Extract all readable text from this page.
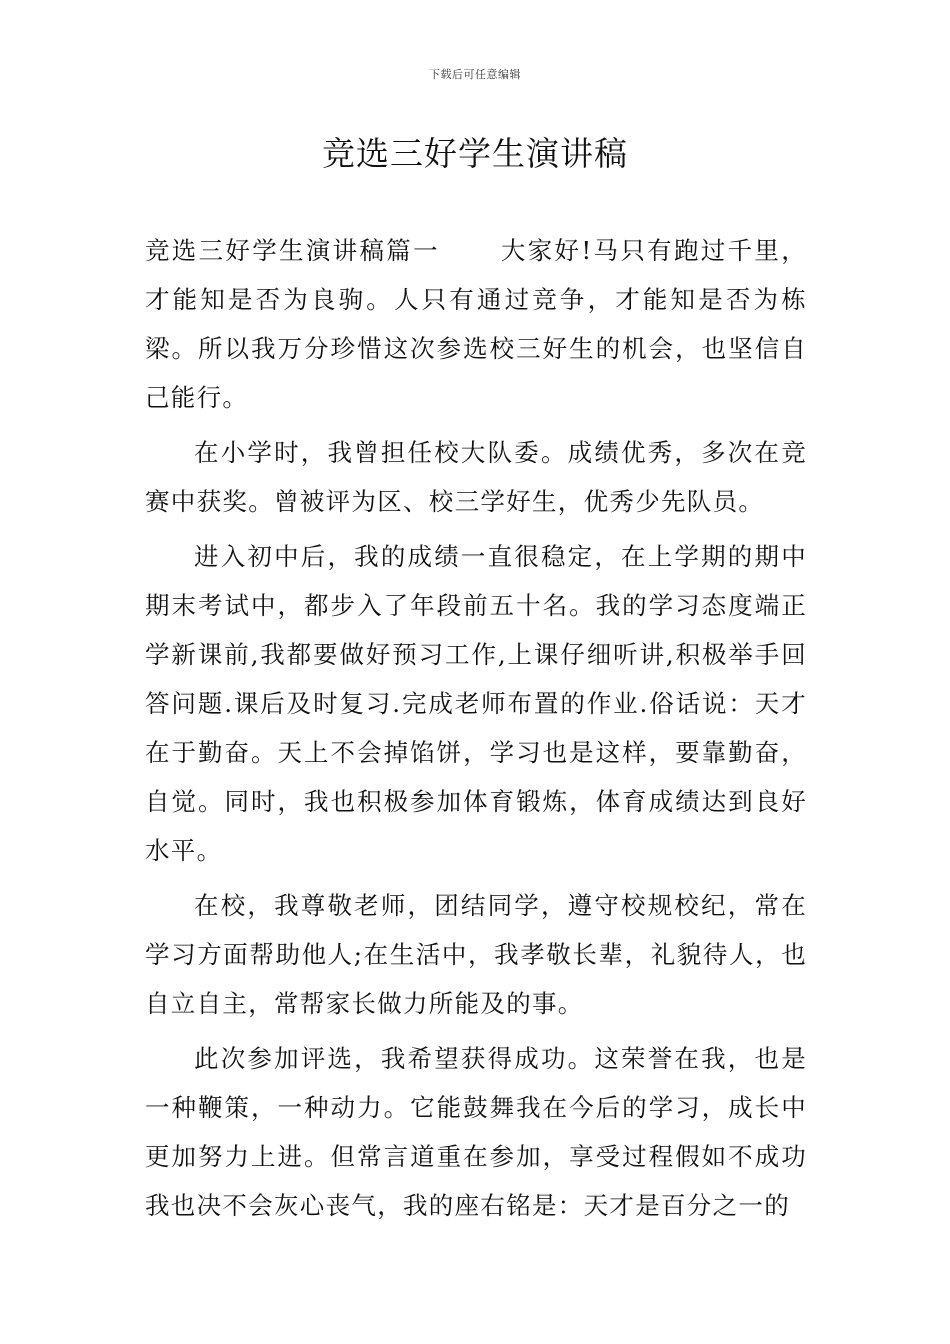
下载后可任意编辑
竞选三好学生演讲稿

竞选三好学生演讲稿篇一 大家好!马只有跑过千里，才能知是否为良驹。人只有通过竞争，才能知是否为栋梁。所以我万分珍惜这次参选校三好生的机会，也坚信自己能行。

在小学时，我曾担任校大队委。成绩优秀，多次在竞赛中获奖。曾被评为区、校三学好生，优秀少先队员。

进入初中后，我的成绩一直很稳定，在上学期的期中期末考试中，都步入了年段前五十名。我的学习态度端正学新课前,我都要做好预习工作,上课仔细听讲,积极举手回答问题.课后及时复习.完成老师布置的作业.俗话说：天才在于勤奋。天上不会掉馅饼，学习也是这样，要靠勤奋，自觉。同时，我也积极参加体育锻炼，体育成绩达到良好水平。

在校，我尊敬老师，团结同学，遵守校规校纪，常在学习方面帮助他人;在生活中，我孝敬长辈，礼貌待人，也自立自主，常帮家长做力所能及的事。

此次参加评选，我希望获得成功。这荣誉在我，也是一种鞭策，一种动力。它能鼓舞我在今后的学习，成长中更加努力上进。但常言道重在参加，享受过程假如不成功我也决不会灰心丧气，我的座右铭是：天才是百分之一的
